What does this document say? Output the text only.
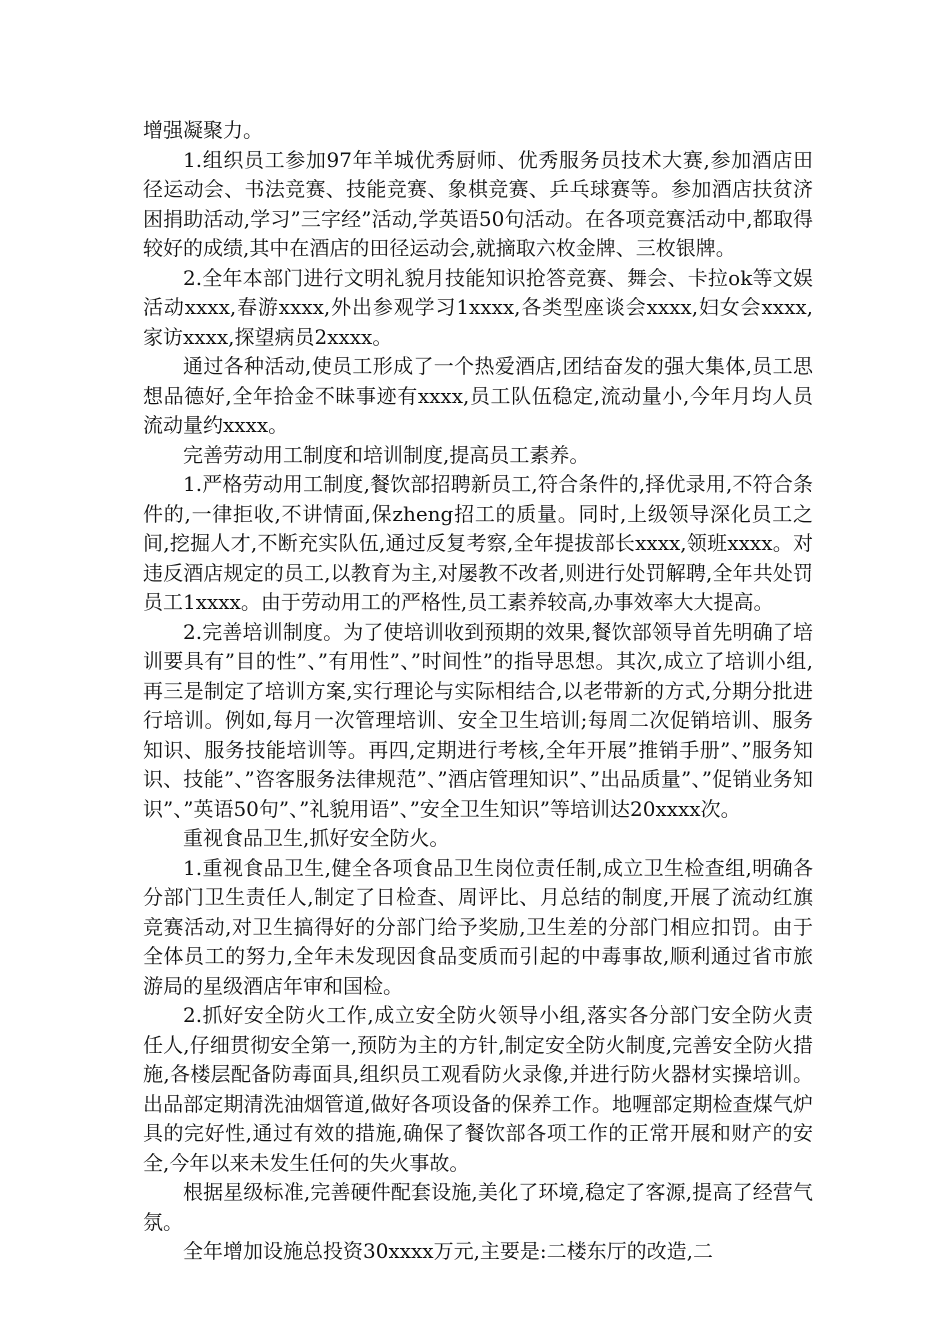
增强凝聚力。

1.组织员工参加97年羊城优秀厨师、优秀服务员技术大赛,参加酒店田径运动会、书法竞赛、技能竞赛、象棋竞赛、乒乓球赛等。参加酒店扶贫济困捐助活动,学习”三字经”活动,学英语50句活动。在各项竞赛活动中,都取得较好的成绩,其中在酒店的田径运动会,就摘取六枚金牌、三枚银牌。

2.全年本部门进行文明礼貌月技能知识抢答竞赛、舞会、卡拉ok等文娱活动xxxx,春游xxxx,外出参观学习1xxxx,各类型座谈会xxxx,妇女会xxxx,家访xxxx,探望病员2xxxx。

通过各种活动,使员工形成了一个热爱酒店,团结奋发的强大集体,员工思想品德好,全年拾金不昧事迹有xxxx,员工队伍稳定,流动量小,今年月均人员流动量约xxxx。

完善劳动用工制度和培训制度,提高员工素养。

1.严格劳动用工制度,餐饮部招聘新员工,符合条件的,择优录用,不符合条件的,一律拒收,不讲情面,保zheng招工的质量。同时,上级领导深化员工之间,挖掘人才,不断充实队伍,通过反复考察,全年提拔部长xxxx,领班xxxx。对违反酒店规定的员工,以教育为主,对屡教不改者,则进行处罚解聘,全年共处罚员工1xxxx。由于劳动用工的严格性,员工素养较高,办事效率大大提高。

2.完善培训制度。为了使培训收到预期的效果,餐饮部领导首先明确了培训要具有”目的性”、”有用性”、”时间性”的指导思想。其次,成立了培训小组,再三是制定了培训方案,实行理论与实际相结合,以老带新的方式,分期分批进行培训。例如,每月一次管理培训、安全卫生培训;每周二次促销培训、服务知识、服务技能培训等。再四,定期进行考核,全年开展”推销手册”、”服务知识、技能”、”咨客服务法律规范”、”酒店管理知识”、”出品质量”、”促销业务知识”、”英语50句”、”礼貌用语”、”安全卫生知识”等培训达20xxxx次。

重视食品卫生,抓好安全防火。

1.重视食品卫生,健全各项食品卫生岗位责任制,成立卫生检查组,明确各分部门卫生责任人,制定了日检查、周评比、月总结的制度,开展了流动红旗竞赛活动,对卫生搞得好的分部门给予奖励,卫生差的分部门相应扣罚。由于全体员工的努力,全年未发现因食品变质而引起的中毒事故,顺利通过省市旅游局的星级酒店年审和国检。

2.抓好安全防火工作,成立安全防火领导小组,落实各分部门安全防火责任人,仔细贯彻安全第一,预防为主的方针,制定安全防火制度,完善安全防火措施,各楼层配备防毒面具,组织员工观看防火录像,并进行防火器材实操培训。出品部定期清洗油烟管道,做好各项设备的保养工作。地喱部定期检查煤气炉具的完好性,通过有效的措施,确保了餐饮部各项工作的正常开展和财产的安全,今年以来未发生任何的失火事故。

根据星级标准,完善硬件配套设施,美化了环境,稳定了客源,提高了经营气氛。

全年增加设施总投资30xxxx万元,主要是:二楼东厅的改造,二
